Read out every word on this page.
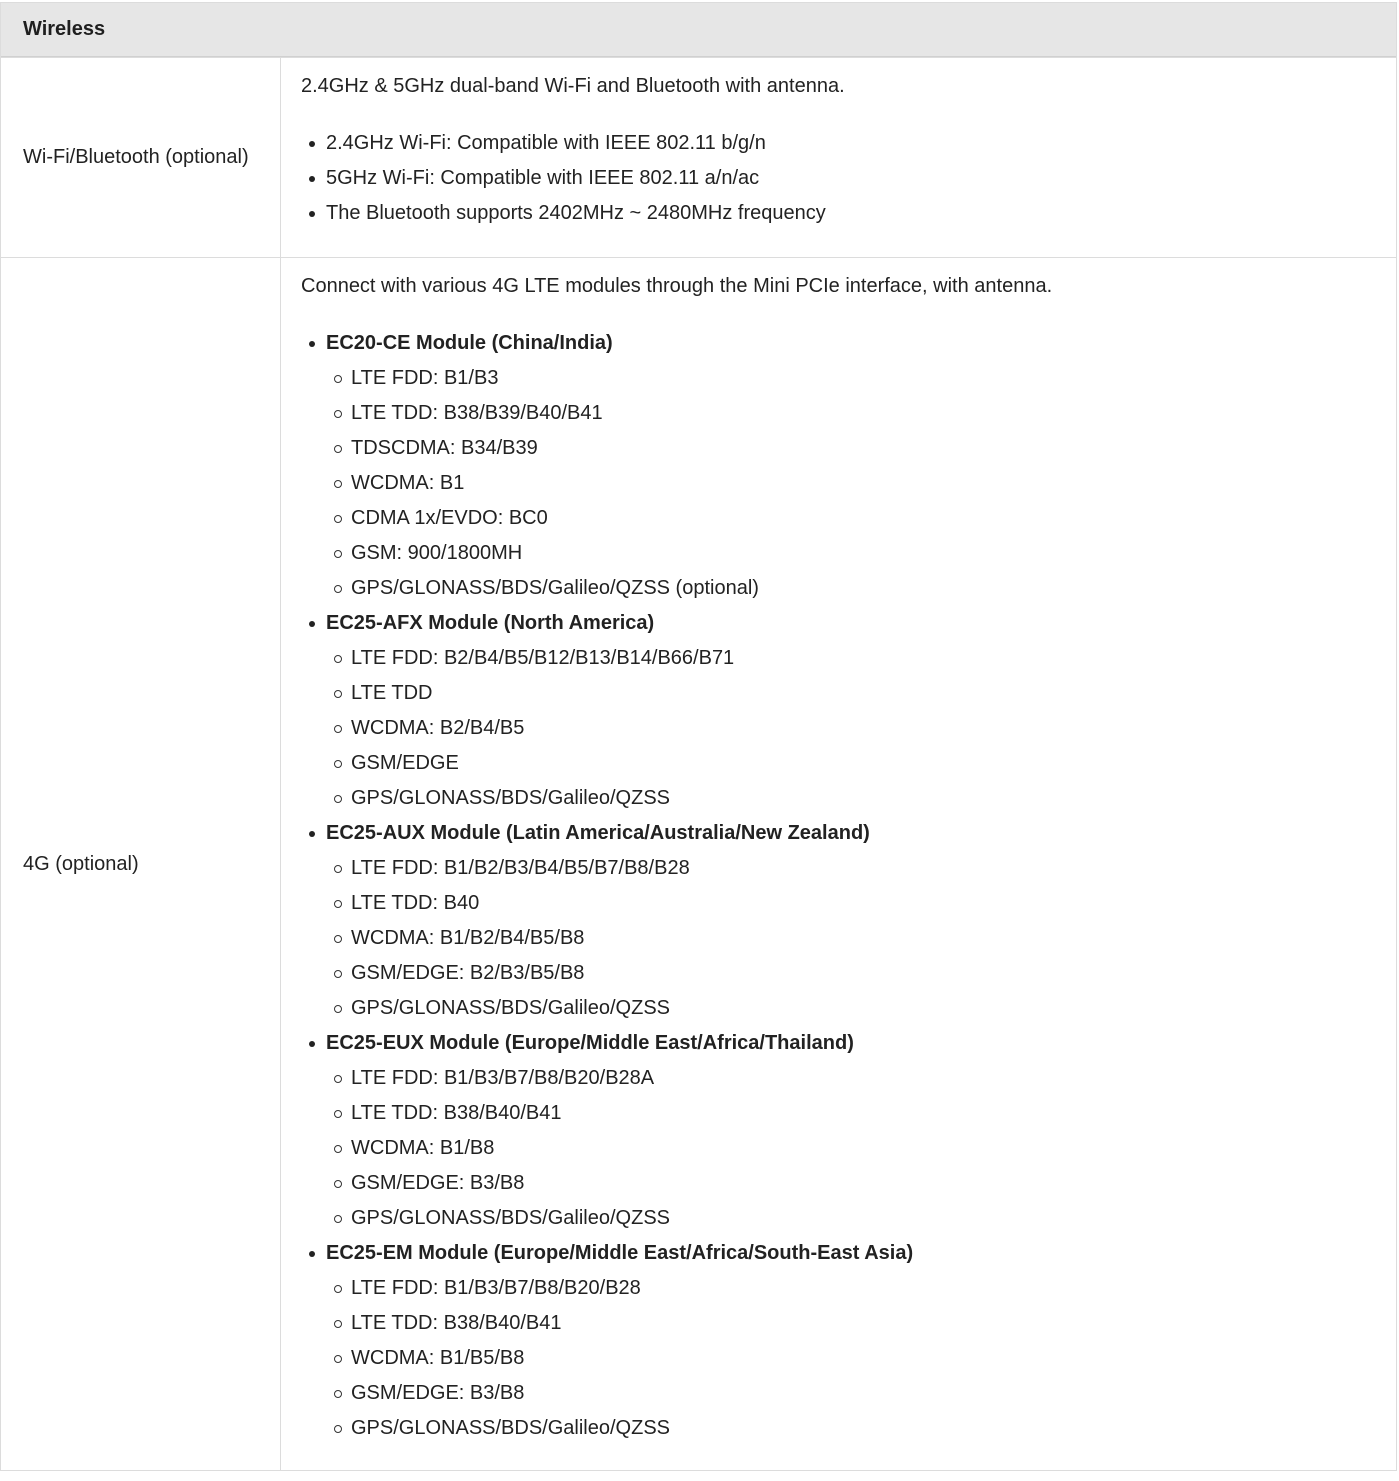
Wireless
Wi-Fi/Bluetooth (optional)

2.4GHz & 5GHz dual-band Wi-Fi and Bluetooth with antenna.

2.4GHz Wi-Fi: Compatible with IEEE 802.11 b/g/n
5GHz Wi-Fi: Compatible with IEEE 802.11 a/n/ac
The Bluetooth supports 2402MHz ~ 2480MHz frequency
4G (optional)

Connect with various 4G LTE modules through the Mini PCIe interface, with antenna.

EC20-CE Module (China/India)
LTE FDD: B1/B3
LTE TDD: B38/B39/B40/B41
TDSCDMA: B34/B39
WCDMA: B1
CDMA 1x/EVDO: BC0
GSM: 900/1800MH
GPS/GLONASS/BDS/Galileo/QZSS (optional)
EC25-AFX Module (North America)
LTE FDD: B2/B4/B5/B12/B13/B14/B66/B71
LTE TDD
WCDMA: B2/B4/B5
GSM/EDGE
GPS/GLONASS/BDS/Galileo/QZSS
EC25-AUX Module (Latin America/Australia/New Zealand)
LTE FDD: B1/B2/B3/B4/B5/B7/B8/B28
LTE TDD: B40
WCDMA: B1/B2/B4/B5/B8
GSM/EDGE: B2/B3/B5/B8
GPS/GLONASS/BDS/Galileo/QZSS
EC25-EUX Module (Europe/Middle East/Africa/Thailand)
LTE FDD: B1/B3/B7/B8/B20/B28A
LTE TDD: B38/B40/B41
WCDMA: B1/B8
GSM/EDGE: B3/B8
GPS/GLONASS/BDS/Galileo/QZSS
EC25-EM Module (Europe/Middle East/Africa/South-East Asia)
LTE FDD: B1/B3/B7/B8/B20/B28
LTE TDD: B38/B40/B41
WCDMA: B1/B5/B8
GSM/EDGE: B3/B8
GPS/GLONASS/BDS/Galileo/QZSS
